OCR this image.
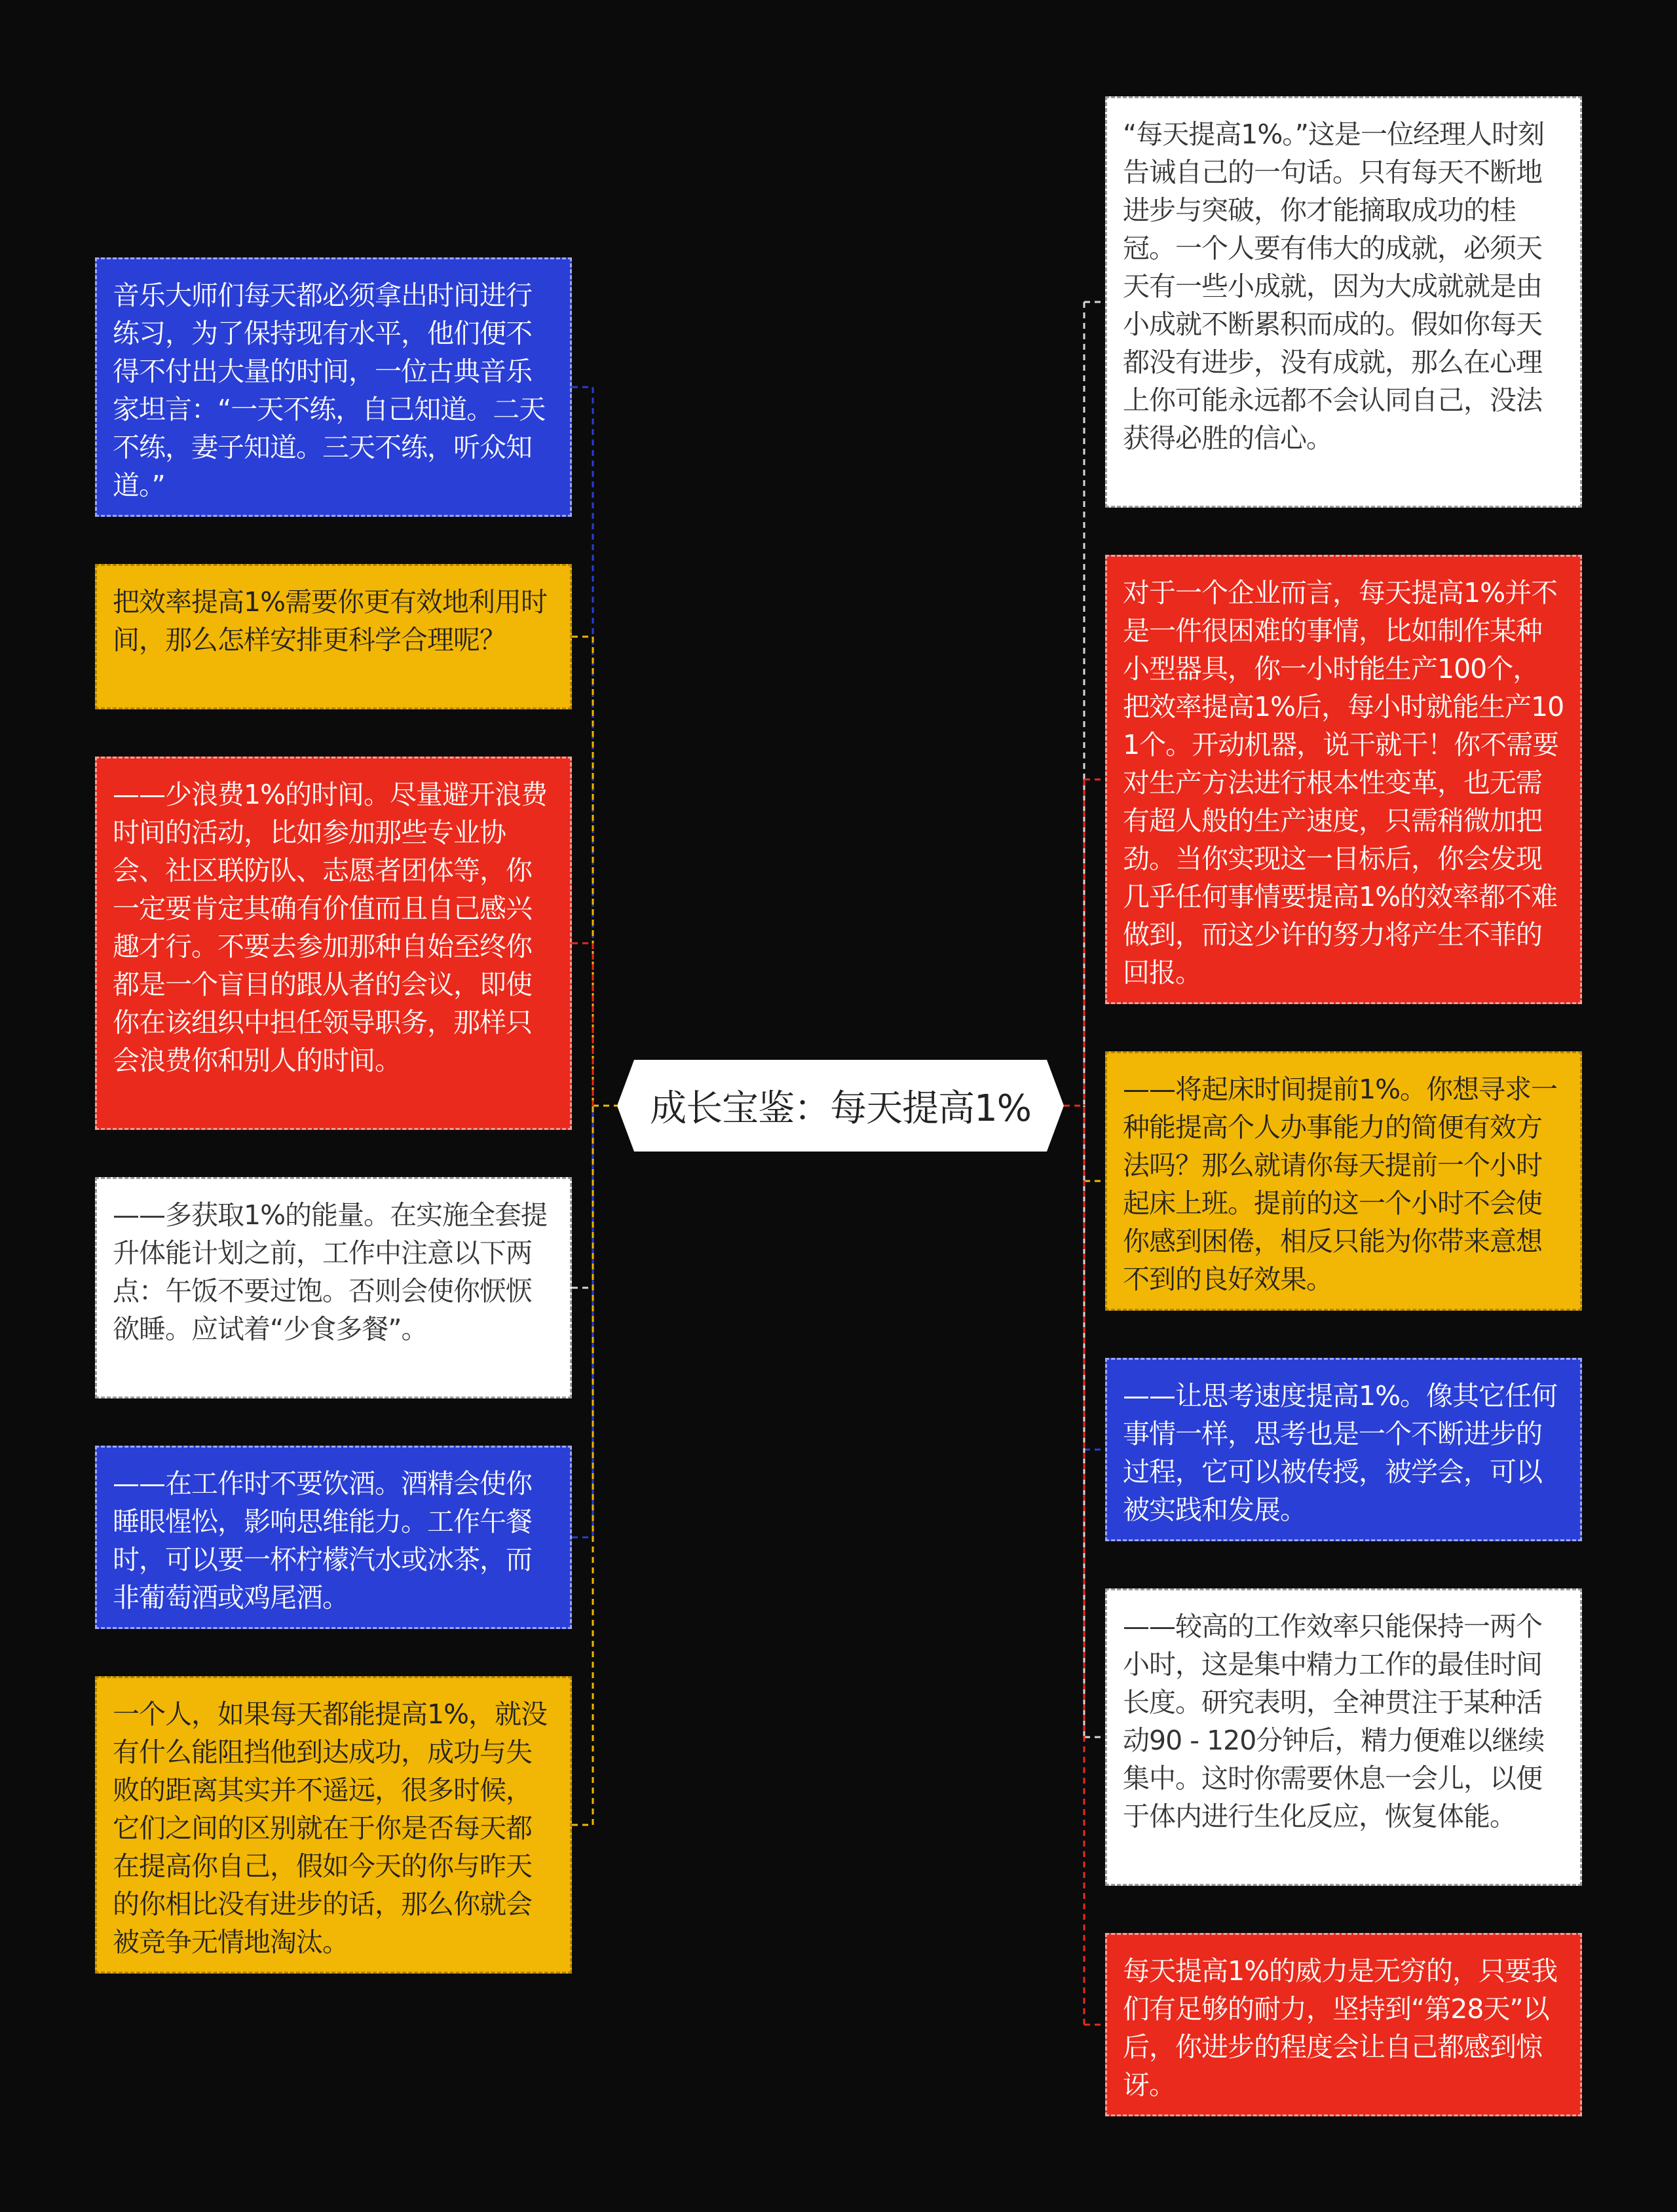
成长宝鉴：每天提高1%
音乐大师们每天都必须拿出时间进行练习，为了保持现有水平，他们便不得不付出大量的时间，一位古典音乐家坦言：“一天不练，自己知道。二天不练，妻子知道。三天不练，听众知道。”
把效率提高1%需要你更有效地利用时间，那么怎样安排更科学合理呢？
——少浪费1%的时间。尽量避开浪费时间的活动，比如参加那些专业协会、社区联防队、志愿者团体等，你一定要肯定其确有价值而且自己感兴趣才行。不要去参加那种自始至终你都是一个盲目的跟从者的会议，即使你在该组织中担任领导职务，那样只会浪费你和别人的时间。
——多获取1%的能量。在实施全套提升体能计划之前，工作中注意以下两点：午饭不要过饱。否则会使你恹恹欲睡。应试着“少食多餐”。
——在工作时不要饮酒。酒精会使你睡眼惺忪，影响思维能力。工作午餐时，可以要一杯柠檬汽水或冰茶，而非葡萄酒或鸡尾酒。
一个人，如果每天都能提高1%，就没有什么能阻挡他到达成功，成功与失败的距离其实并不遥远，很多时候，它们之间的区别就在于你是否每天都在提高你自己，假如今天的你与昨天的你相比没有进步的话，那么你就会被竞争无情地淘汰。
“每天提高1%。”这是一位经理人时刻告诫自己的一句话。只有每天不断地进步与突破，你才能摘取成功的桂冠。一个人要有伟大的成就，必须天天有一些小成就，因为大成就就是由小成就不断累积而成的。假如你每天都没有进步，没有成就，那么在心理上你可能永远都不会认同自己，没法获得必胜的信心。
对于一个企业而言，每天提高1%并不是一件很困难的事情，比如制作某种小型器具，你一小时能生产100个，把效率提高1%后，每小时就能生产101个。开动机器，说干就干！你不需要对生产方法进行根本性变革，也无需有超人般的生产速度，只需稍微加把劲。当你实现这一目标后，你会发现几乎任何事情要提高1%的效率都不难做到，而这少许的努力将产生不菲的回报。
——将起床时间提前1%。你想寻求一种能提高个人办事能力的简便有效方法吗？那么就请你每天提前一个小时起床上班。提前的这一个小时不会使你感到困倦，相反只能为你带来意想不到的良好效果。
——让思考速度提高1%。像其它任何事情一样，思考也是一个不断进步的过程，它可以被传授，被学会，可以被实践和发展。
——较高的工作效率只能保持一两个小时，这是集中精力工作的最佳时间长度。研究表明，全神贯注于某种活动90 - 120分钟后，精力便难以继续集中。这时你需要休息一会儿，以便于体内进行生化反应，恢复体能。
每天提高1%的威力是无穷的，只要我们有足够的耐力，坚持到“第28天”以后，你进步的程度会让自己都感到惊讶。
